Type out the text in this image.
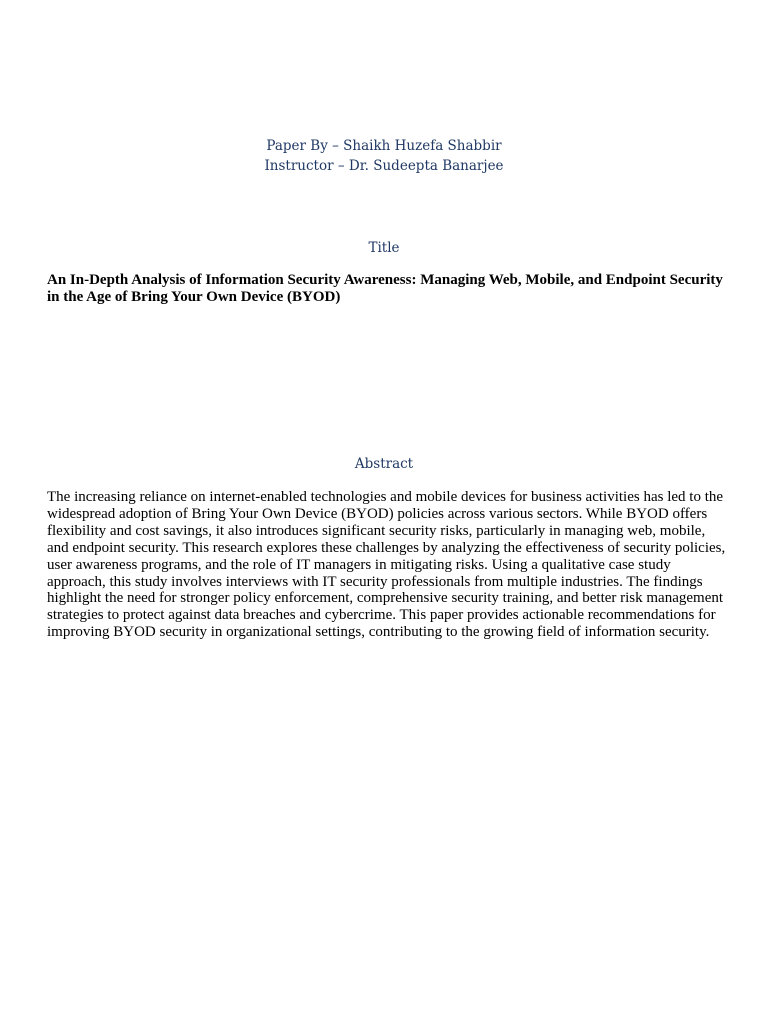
Paper By – Shaikh Huzefa Shabbir
Instructor – Dr. Sudeepta Banarjee
Title

An In-Depth Analysis of Information Security Awareness: Managing Web, Mobile, and Endpoint Security in the Age of Bring Your Own Device (BYOD)

Abstract

The increasing reliance on internet-enabled technologies and mobile devices for business activities has led to the widespread adoption of Bring Your Own Device (BYOD) policies across various sectors. While BYOD offers flexibility and cost savings, it also introduces significant security risks, particularly in managing web, mobile, and endpoint security. This research explores these challenges by analyzing the effectiveness of security policies, user awareness programs, and the role of IT managers in mitigating risks. Using a qualitative case study approach, this study involves interviews with IT security professionals from multiple industries. The findings highlight the need for stronger policy enforcement, comprehensive security training, and better risk management strategies to protect against data breaches and cybercrime. This paper provides actionable recommendations for improving BYOD security in organizational settings, contributing to the growing field of information security.
